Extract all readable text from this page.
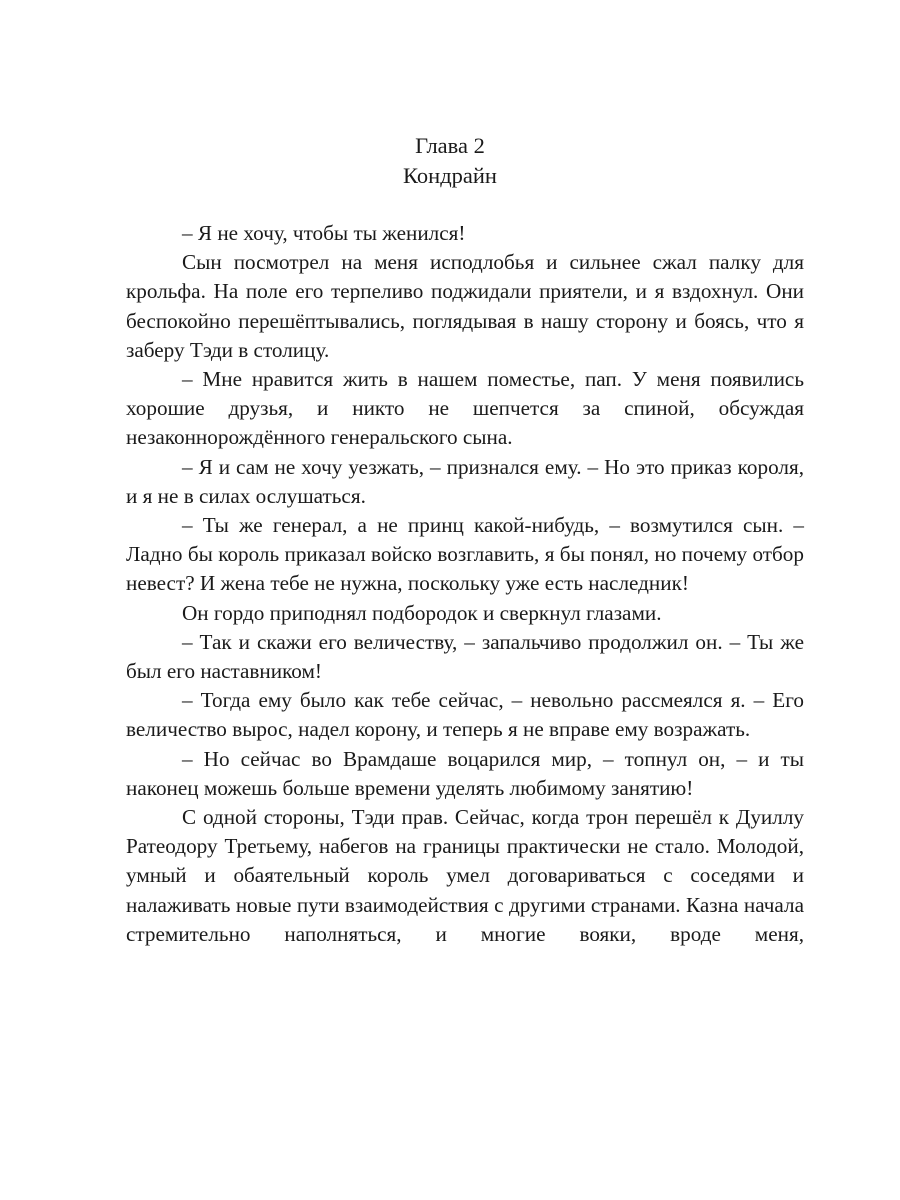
Глава 2
Кондрайн

– Я не хочу, чтобы ты женился!

Сын посмотрел на меня исподлобья и сильнее сжал палку для крольфа. На поле его терпеливо поджидали приятели, и я вздохнул. Они беспокойно перешёптывались, поглядывая в нашу сторону и боясь, что я заберу Тэди в столицу.

– Мне нравится жить в нашем поместье, пап. У меня появились хорошие друзья, и никто не шепчется за спиной, обсуждая незаконнорождённого генеральского сына.

– Я и сам не хочу уезжать, – признался ему. – Но это приказ короля, и я не в силах ослушаться.

– Ты же генерал, а не принц какой-нибудь, – возмутился сын. – Ладно бы король приказал войско возглавить, я бы понял, но почему отбор невест? И жена тебе не нужна, поскольку уже есть наследник!

Он гордо приподнял подбородок и сверкнул глазами.

– Так и скажи его величеству, – запальчиво продолжил он. – Ты же был его наставником!

– Тогда ему было как тебе сейчас, – невольно рассмеялся я. – Его величество вырос, надел корону, и теперь я не вправе ему возражать.

– Но сейчас во Врамдаше воцарился мир, – топнул он, – и ты наконец можешь больше времени уделять любимому занятию!

С одной стороны, Тэди прав. Сейчас, когда трон перешёл к Дуиллу Ратеодору Третьему, набегов на границы практически не стало. Молодой, умный и обаятельный король умел договариваться с соседями и налаживать новые пути взаимодействия с другими странами. Казна начала стремительно наполняться, и многие вояки, вроде меня,
